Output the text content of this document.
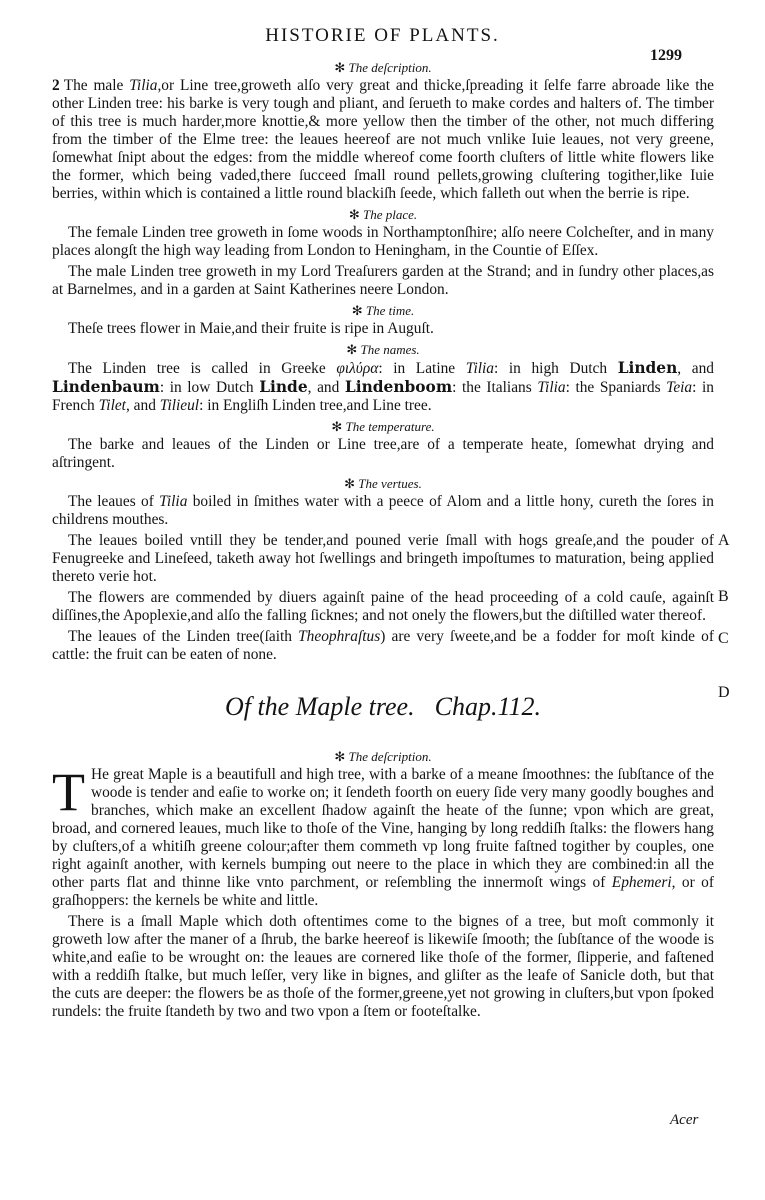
HISTORIE OF PLANTS.
1299
A
B
C
D
✻ The deſcription.

2 The male Tilia,or Line tree,groweth alſo very great and thicke,ſpreading it ſelfe farre abroade like the other Linden tree: his barke is very tough and pliant, and ſerueth to make cordes and halters of. The timber of this tree is much harder,more knottie,& more yellow then the timber of the other, not much differing from the timber of the Elme tree: the leaues heereof are not much vnlike Iuie leaues, not very greene, ſomewhat ſnipt about the edges: from the middle whereof come foorth cluſters of little white flowers like the former, which being vaded,there ſucceed ſmall round pellets,growing cluſtering togither,like Iuie berries, within which is contained a little round blackiſh ſeede, which falleth out when the berrie is ripe.

✻ The place.

The female Linden tree groweth in ſome woods in Northamptonſhire; alſo neere Colcheſter, and in many places alongſt the high way leading from London to Heningham, in the Countie of Eſſex.

The male Linden tree groweth in my Lord Treaſurers garden at the Strand; and in ſundry other places,as at Barnelmes, and in a garden at Saint Katherines neere London.

✻ The time.

Theſe trees flower in Maie,and their fruite is ripe in Auguſt.

✻ The names.

The Linden tree is called in Greeke φιλύρα: in Latine Tilia: in high Dutch Linden, and Lindenbaum: in low Dutch Linde, and Lindenboom: the Italians Tilia: the Spaniards Teia: in French Tilet, and Tilieul: in Engliſh Linden tree,and Line tree.

✻ The temperature.

The barke and leaues of the Linden or Line tree,are of a temperate heate, ſomewhat drying and aſtringent.

✻ The vertues.

The leaues of Tilia boiled in ſmithes water with a peece of Alom and a little hony, cureth the ſores in childrens mouthes.

The leaues boiled vntill they be tender,and pouned verie ſmall with hogs greaſe,and the pouder of Fenugreeke and Lineſeed, taketh away hot ſwellings and bringeth impoſtumes to maturation, being applied thereto verie hot.

The flowers are commended by diuers againſt paine of the head proceeding of a cold cauſe, againſt diſſines,the Apoplexie,and alſo the falling ſicknes; and not onely the flowers,but the diſtilled water thereof.

The leaues of the Linden tree(ſaith Theophraſtus) are very ſweete,and be a fodder for moſt kinde of cattle: the fruit can be eaten of none.

Of the Maple tree. Chap.112.
✻ The deſcription.

T He great Maple is a beautifull and high tree, with a barke of a meane ſmoothnes: the ſubſtance of the woode is tender and eaſie to worke on; it ſendeth foorth on euery ſide very many goodly boughes and branches, which make an excellent ſhadow againſt the heate of the ſunne; vpon which are great, broad, and cornered leaues, much like to thoſe of the Vine, hanging by long reddiſh ſtalks: the flowers hang by cluſters,of a whitiſh greene colour;after them commeth vp long fruite faſtned togither by couples, one right againſt another, with kernels bumping out neere to the place in which they are combined:in all the other parts flat and thinne like vnto parchment, or reſembling the innermoſt wings of Ephemeri, or of graſhoppers: the kernels be white and little.

There is a ſmall Maple which doth oftentimes come to the bignes of a tree, but moſt commonly it groweth low after the maner of a ſhrub, the barke heereof is likewiſe ſmooth; the ſubſtance of the woode is white,and eaſie to be wrought on: the leaues are cornered like thoſe of the former, ſlipperie, and faſtened with a reddiſh ſtalke, but much leſſer, very like in bignes, and gliſter as the leafe of Sanicle doth, but that the cuts are deeper: the flowers be as thoſe of the former,greene,yet not growing in cluſters,but vpon ſpoked rundels: the fruite ſtandeth by two and two vpon a ſtem or footeſtalke.

Acer
